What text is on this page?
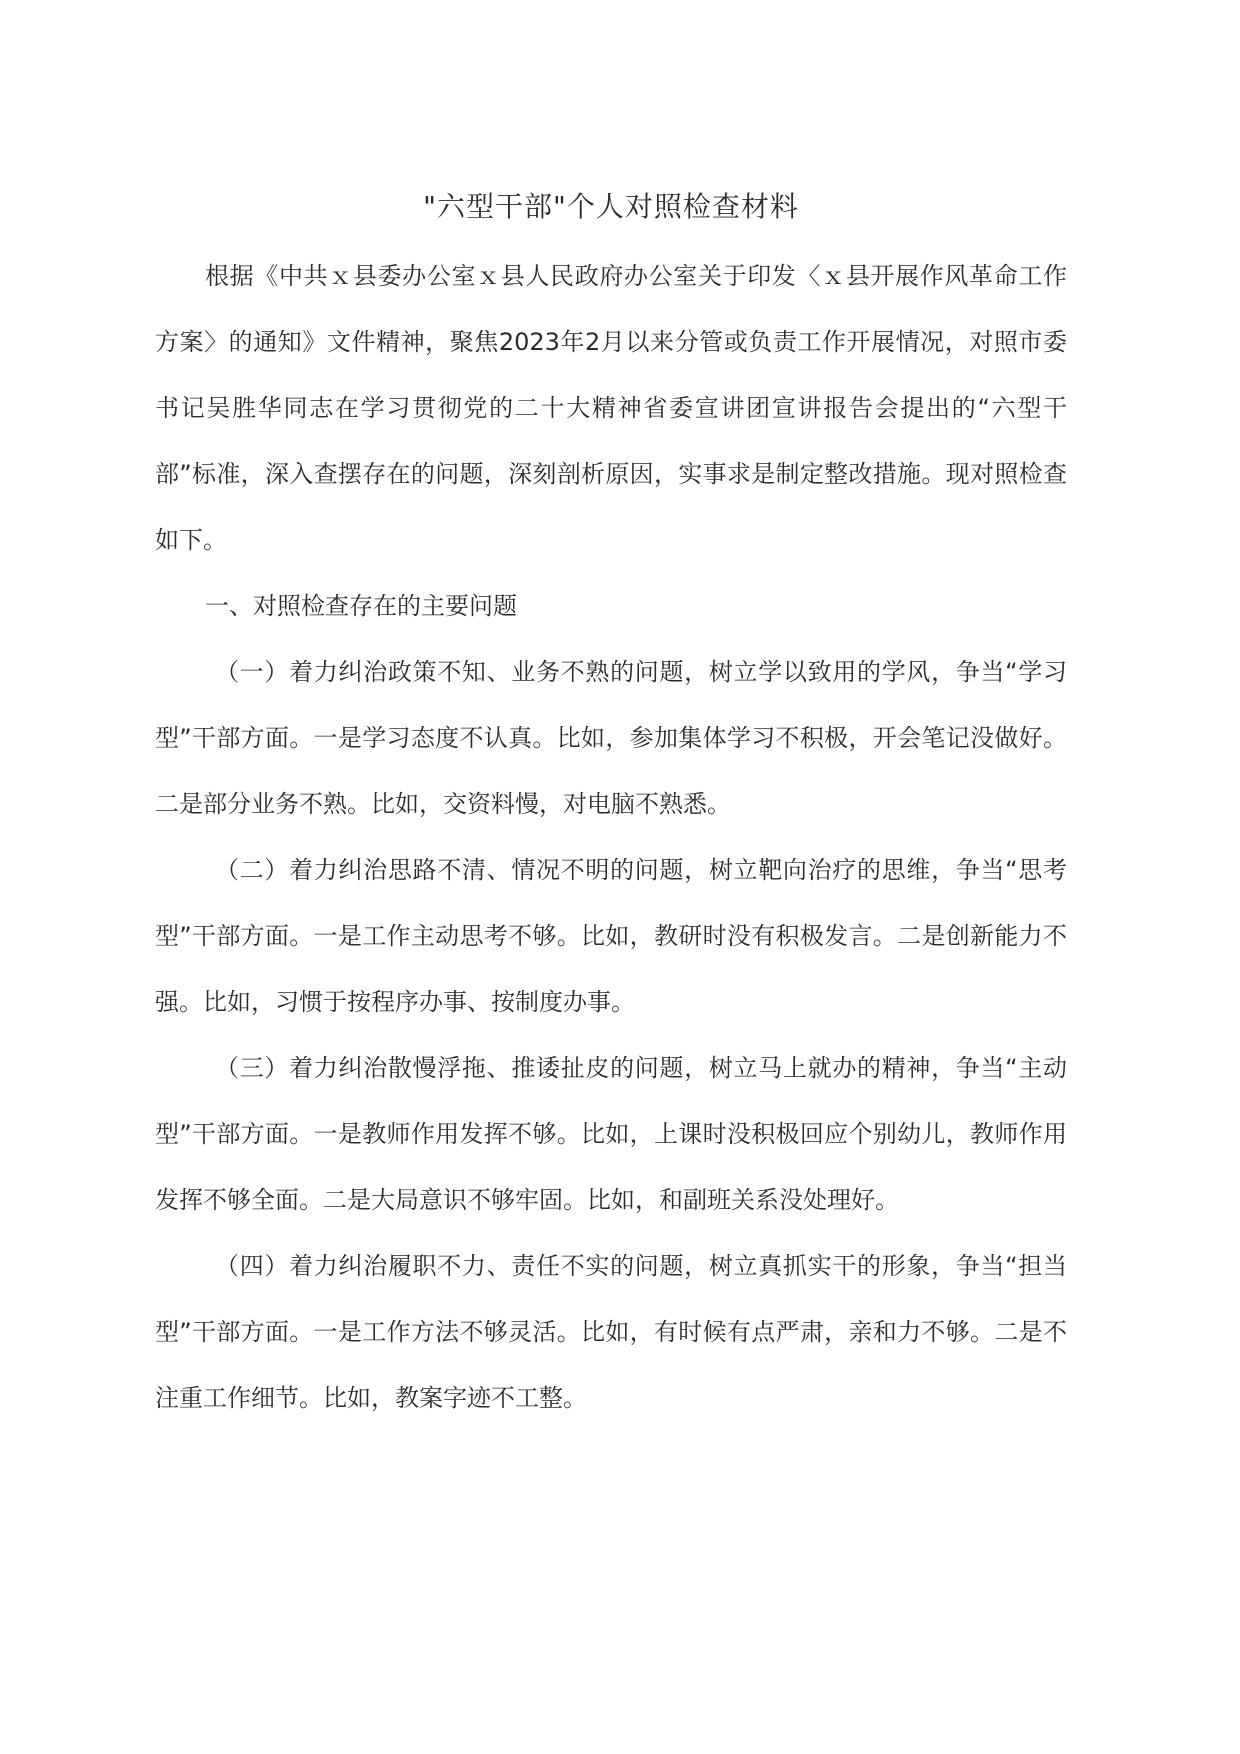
"六型干部"个人对照检查材料

根据《中共ｘ县委办公室ｘ县人民政府办公室关于印发〈ｘ县开展作风革命工作方案〉的通知》文件精神，聚焦2023年2月以来分管或负责工作开展情况，对照市委书记吴胜华同志在学习贯彻党的二十大精神省委宣讲团宣讲报告会提出的“六型干部”标准，深入查摆存在的问题，深刻剖析原因，实事求是制定整改措施。现对照检查如下。

一、对照检查存在的主要问题

（一）着力纠治政策不知、业务不熟的问题，树立学以致用的学风，争当“学习型”干部方面。一是学习态度不认真。比如，参加集体学习不积极，开会笔记没做好。二是部分业务不熟。比如，交资料慢，对电脑不熟悉。

（二）着力纠治思路不清、情况不明的问题，树立靶向治疗的思维，争当“思考型”干部方面。一是工作主动思考不够。比如，教研时没有积极发言。二是创新能力不强。比如，习惯于按程序办事、按制度办事。

（三）着力纠治散慢浮拖、推诿扯皮的问题，树立马上就办的精神，争当“主动型”干部方面。一是教师作用发挥不够。比如，上课时没积极回应个别幼儿，教师作用发挥不够全面。二是大局意识不够牢固。比如，和副班关系没处理好。

（四）着力纠治履职不力、责任不实的问题，树立真抓实干的形象，争当“担当型”干部方面。一是工作方法不够灵活。比如，有时候有点严肃，亲和力不够。二是不注重工作细节。比如，教案字迹不工整。
